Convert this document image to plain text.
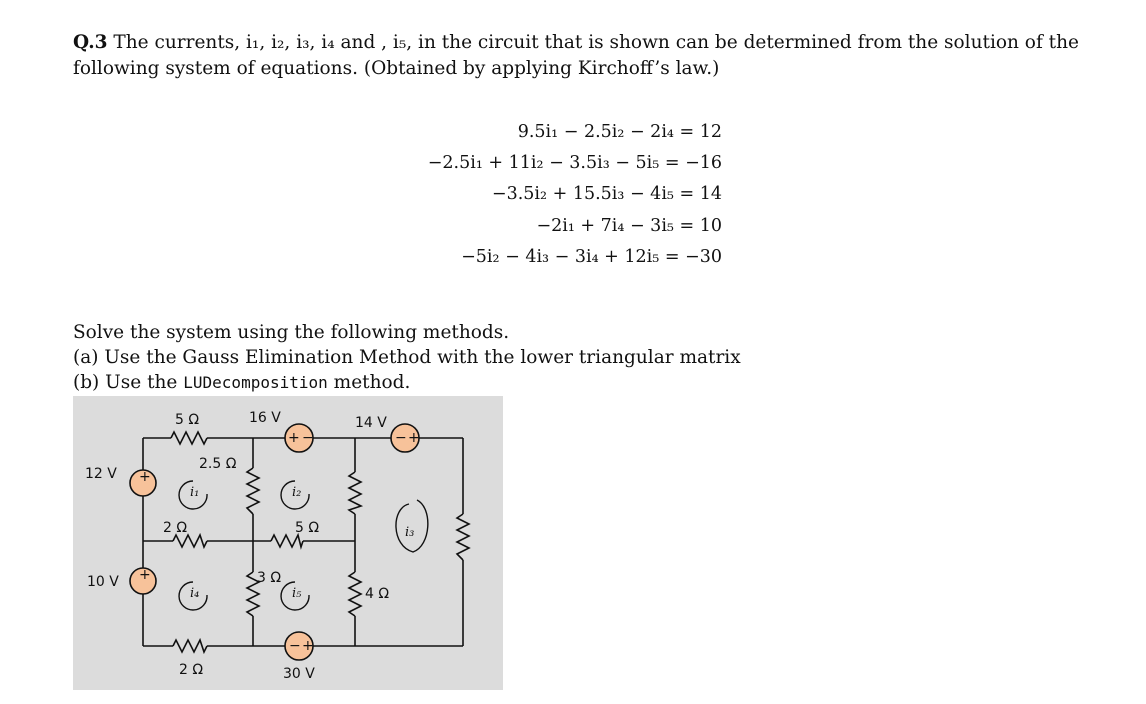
Q.3 The currents, i₁, i₂, i₃, i₄ and , i₅, in the circuit that is shown can be determined from the solution of the
following system of equations. (Obtained by applying Kirchoff’s law.)
9.5i₁ − 2.5i₂ − 2i₄ = 12
−2.5i₁ + 11i₂ − 3.5i₃ − 5i₅ = −16
−3.5i₂ + 15.5i₃ − 4i₅ = 14
−2i₁ + 7i₄ − 3i₅ = 10
−5i₂ − 4i₃ − 3i₄ + 12i₅ = −30
Solve the system using the following methods.
(a) Use the Gauss Elimination Method with the lower triangular matrix
(b) Use the LUDecomposition method.
+
+
+ −	− +
− +
5 Ω	16 V	14 V
12 V
2.5 Ω
2 Ω	5 Ω
10 V	3 Ω
4 Ω
2 Ω	30 V
i₁	i₂
i₃
i₄	i₅
